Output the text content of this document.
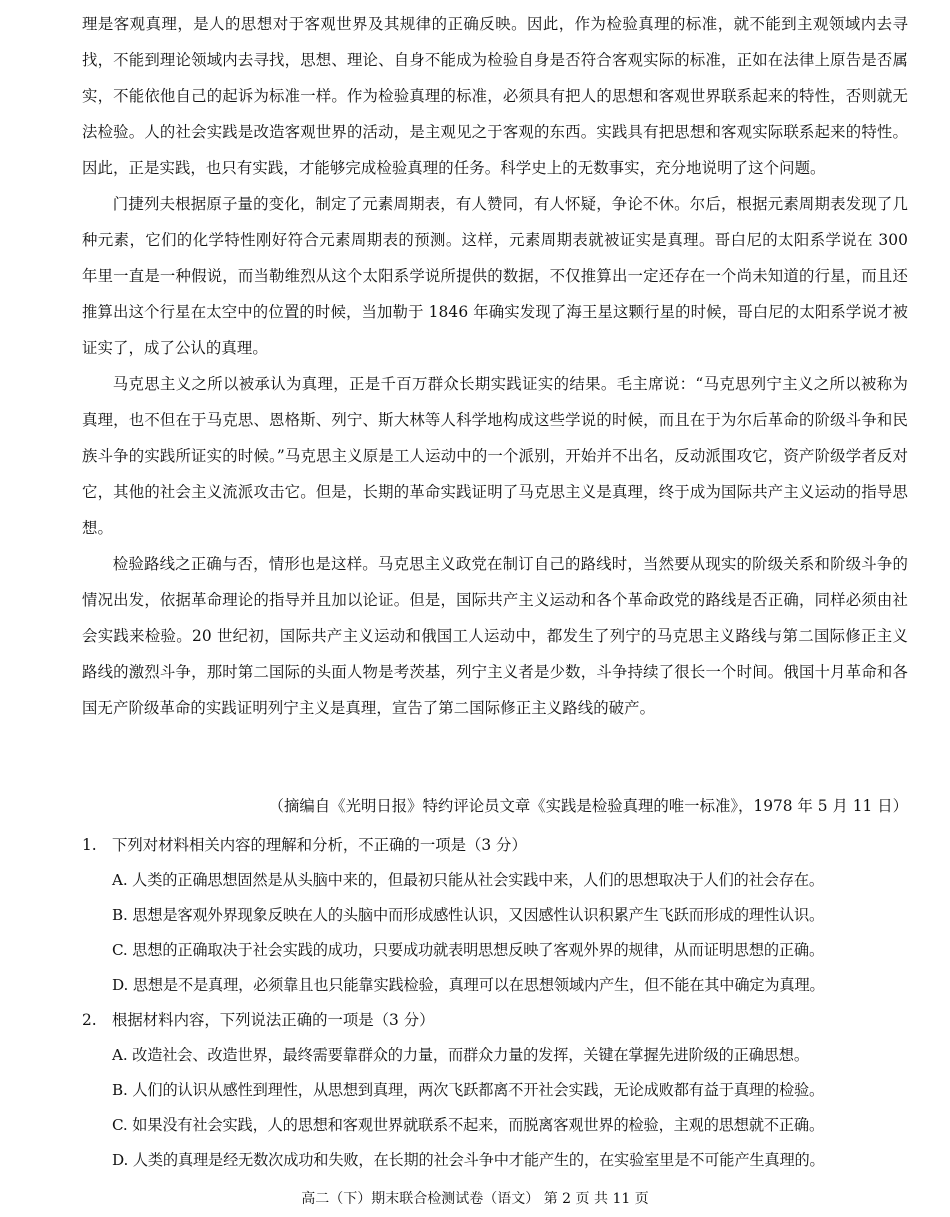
理是客观真理，是人的思想对于客观世界及其规律的正确反映。因此，作为检验真理的标准，就不能到主观领域内去寻找，不能到理论领域内去寻找，思想、理论、自身不能成为检验自身是否符合客观实际的标准，正如在法律上原告是否属实，不能依他自己的起诉为标准一样。作为检验真理的标准，必须具有把人的思想和客观世界联系起来的特性，否则就无法检验。人的社会实践是改造客观世界的活动，是主观见之于客观的东西。实践具有把思想和客观实际联系起来的特性。因此，正是实践，也只有实践，才能够完成检验真理的任务。科学史上的无数事实，充分地说明了这个问题。

门捷列夫根据原子量的变化，制定了元素周期表，有人赞同，有人怀疑，争论不休。尔后，根据元素周期表发现了几种元素，它们的化学特性刚好符合元素周期表的预测。这样，元素周期表就被证实是真理。哥白尼的太阳系学说在 300 年里一直是一种假说，而当勒维烈从这个太阳系学说所提供的数据，不仅推算出一定还存在一个尚未知道的行星，而且还推算出这个行星在太空中的位置的时候，当加勒于 1846 年确实发现了海王星这颗行星的时候，哥白尼的太阳系学说才被证实了，成了公认的真理。

马克思主义之所以被承认为真理，正是千百万群众长期实践证实的结果。毛主席说：“马克思列宁主义之所以被称为真理，也不但在于马克思、恩格斯、列宁、斯大林等人科学地构成这些学说的时候，而且在于为尔后革命的阶级斗争和民族斗争的实践所证实的时候。”马克思主义原是工人运动中的一个派别，开始并不出名，反动派围攻它，资产阶级学者反对它，其他的社会主义流派攻击它。但是，长期的革命实践证明了马克思主义是真理，终于成为国际共产主义运动的指导思想。

检验路线之正确与否，情形也是这样。马克思主义政党在制订自己的路线时，当然要从现实的阶级关系和阶级斗争的情况出发，依据革命理论的指导并且加以论证。但是，国际共产主义运动和各个革命政党的路线是否正确，同样必须由社会实践来检验。20 世纪初，国际共产主义运动和俄国工人运动中，都发生了列宁的马克思主义路线与第二国际修正主义路线的激烈斗争，那时第二国际的头面人物是考茨基，列宁主义者是少数，斗争持续了很长一个时间。俄国十月革命和各国无产阶级革命的实践证明列宁主义是真理，宣告了第二国际修正主义路线的破产。

（摘编自《光明日报》特约评论员文章《实践是检验真理的唯一标准》，1978 年 5 月 11 日）

1. 下列对材料相关内容的理解和分析，不正确的一项是（3 分）

A. 人类的正确思想固然是从头脑中来的，但最初只能从社会实践中来，人们的思想取决于人们的社会存在。

B. 思想是客观外界现象反映在人的头脑中而形成感性认识，又因感性认识积累产生飞跃而形成的理性认识。

C. 思想的正确取决于社会实践的成功，只要成功就表明思想反映了客观外界的规律，从而证明思想的正确。

D. 思想是不是真理，必须靠且也只能靠实践检验，真理可以在思想领域内产生，但不能在其中确定为真理。

2. 根据材料内容，下列说法正确的一项是（3 分）

A. 改造社会、改造世界，最终需要靠群众的力量，而群众力量的发挥，关键在掌握先进阶级的正确思想。

B. 人们的认识从感性到理性，从思想到真理，两次飞跃都离不开社会实践，无论成败都有益于真理的检验。

C. 如果没有社会实践，人的思想和客观世界就联系不起来，而脱离客观世界的检验，主观的思想就不正确。

D. 人类的真理是经无数次成功和失败，在长期的社会斗争中才能产生的，在实验室里是不可能产生真理的。

高二（下）期末联合检测试卷（语文） 第 2 页 共 11 页
